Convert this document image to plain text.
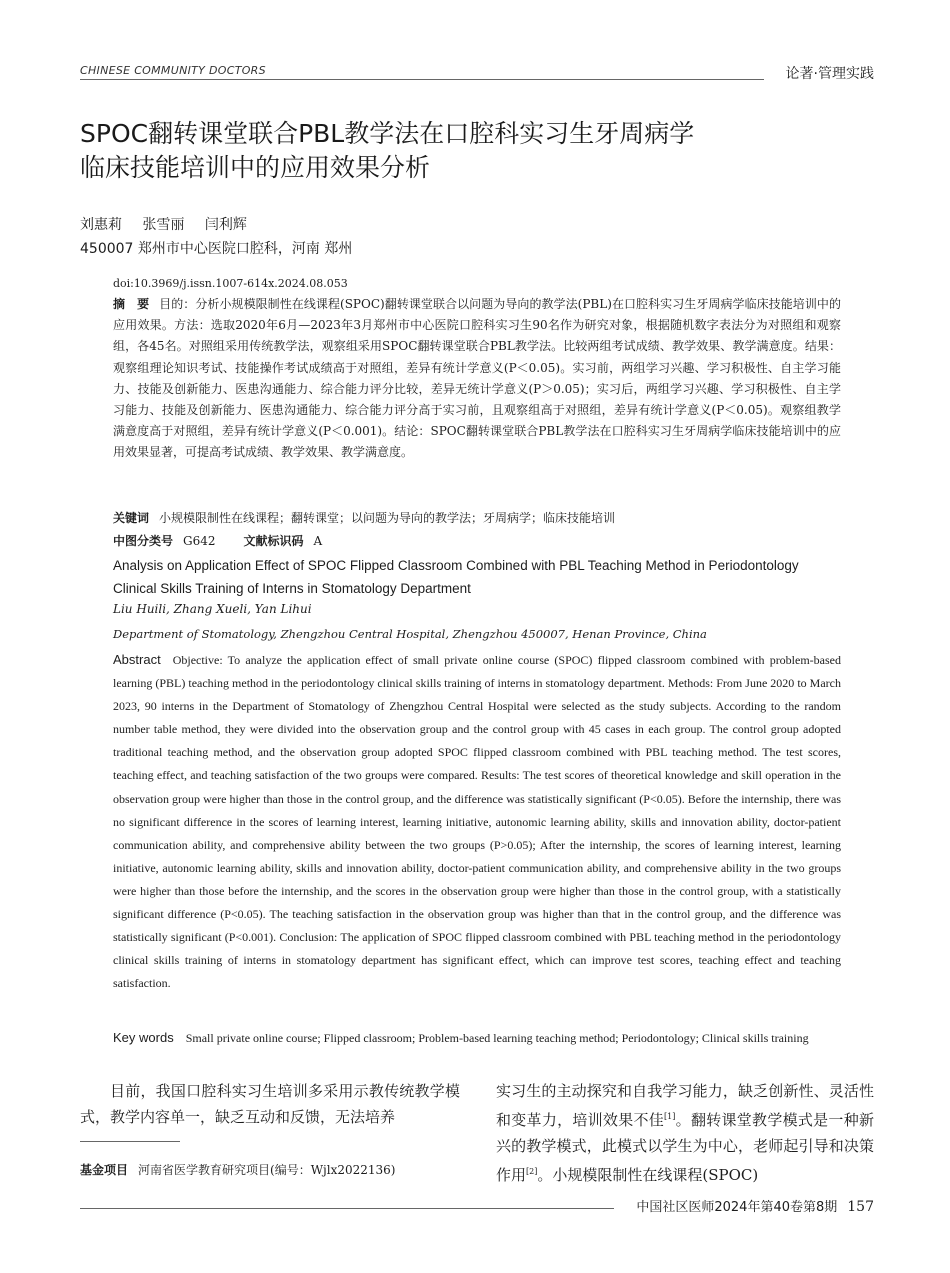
CHINESE COMMUNITY DOCTORS	论著·管理实践
SPOC翻转课堂联合PBL教学法在口腔科实习生牙周病学
临床技能培训中的应用效果分析
刘惠莉 张雪丽 闫利辉
450007 郑州市中心医院口腔科，河南 郑州
doi:10.3969/j.issn.1007-614x.2024.08.053
摘　要 目的：分析小规模限制性在线课程(SPOC)翻转课堂联合以问题为导向的教学法(PBL)在口腔科实习生牙周病学临床技能培训中的应用效果。方法：选取2020年6月—2023年3月郑州市中心医院口腔科实习生90名作为研究对象，根据随机数字表法分为对照组和观察组，各45名。对照组采用传统教学法，观察组采用SPOC翻转课堂联合PBL教学法。比较两组考试成绩、教学效果、教学满意度。结果：观察组理论知识考试、技能操作考试成绩高于对照组，差异有统计学意义(P＜0.05)。实习前，两组学习兴趣、学习积极性、自主学习能力、技能及创新能力、医患沟通能力、综合能力评分比较，差异无统计学意义(P＞0.05)；实习后，两组学习兴趣、学习积极性、自主学习能力、技能及创新能力、医患沟通能力、综合能力评分高于实习前，且观察组高于对照组，差异有统计学意义(P＜0.05)。观察组教学满意度高于对照组，差异有统计学意义(P＜0.001)。结论：SPOC翻转课堂联合PBL教学法在口腔科实习生牙周病学临床技能培训中的应用效果显著，可提高考试成绩、教学效果、教学满意度。
关键词 小规模限制性在线课程；翻转课堂；以问题为导向的教学法；牙周病学；临床技能培训
中图分类号 G642 文献标识码 A
Analysis on Application Effect of SPOC Flipped Classroom Combined with PBL Teaching Method in Periodontology Clinical Skills Training of Interns in Stomatology Department
Liu Huili, Zhang Xueli, Yan Lihui
Department of Stomatology, Zhengzhou Central Hospital, Zhengzhou 450007, Henan Province, China
Abstract Objective: To analyze the application effect of small private online course (SPOC) flipped classroom combined with problem-based learning (PBL) teaching method in the periodontology clinical skills training of interns in stomatology department. Methods: From June 2020 to March 2023, 90 interns in the Department of Stomatology of Zhengzhou Central Hospital were selected as the study subjects. According to the random number table method, they were divided into the observation group and the control group with 45 cases in each group. The control group adopted traditional teaching method, and the observation group adopted SPOC flipped classroom combined with PBL teaching method. The test scores, teaching effect, and teaching satisfaction of the two groups were compared. Results: The test scores of theoretical knowledge and skill operation in the observation group were higher than those in the control group, and the difference was statistically significant (P<0.05). Before the internship, there was no significant difference in the scores of learning interest, learning initiative, autonomic learning ability, skills and innovation ability, doctor-patient communication ability, and comprehensive ability between the two groups (P>0.05); After the internship, the scores of learning interest, learning initiative, autonomic learning ability, skills and innovation ability, doctor-patient communication ability, and comprehensive ability in the two groups were higher than those before the internship, and the scores in the observation group were higher than those in the control group, with a statistically significant difference (P<0.05). The teaching satisfaction in the observation group was higher than that in the control group, and the difference was statistically significant (P<0.001). Conclusion: The application of SPOC flipped classroom combined with PBL teaching method in the periodontology clinical skills training of interns in stomatology department has significant effect, which can improve test scores, teaching effect and teaching satisfaction.
Key words Small private online course; Flipped classroom; Problem-based learning teaching method; Periodontology; Clinical skills training
目前，我国口腔科实习生培训多采用示教传统教学模式，教学内容单一，缺乏互动和反馈，无法培养
实习生的主动探究和自我学习能力，缺乏创新性、灵活性和变革力，培训效果不佳[1]。翻转课堂教学模式是一种新兴的教学模式，此模式以学生为中心，老师起引导和决策作用[2]。小规模限制性在线课程(SPOC)
基金项目 河南省医学教育研究项目(编号：Wjlx2022136)
中国社区医师2024年第40卷第8期 157
